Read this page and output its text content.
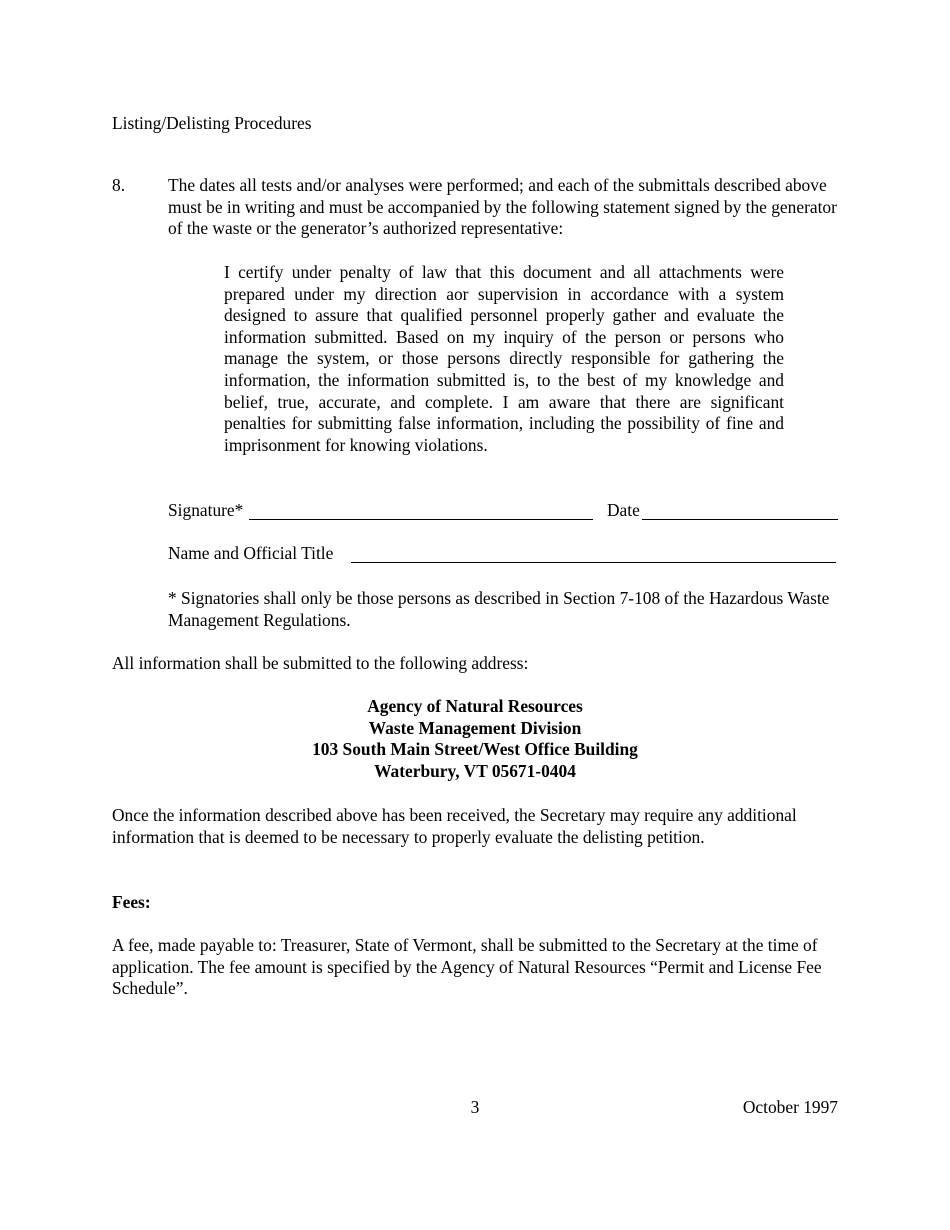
Listing/Delisting Procedures
8. The dates all tests and/or analyses were performed; and each of the submittals described above must be in writing and must be accompanied by the following statement signed by the generator of the waste or the generator’s authorized representative:
I certify under penalty of law that this document and all attachments were prepared under my direction aor supervision in accordance with a system designed to assure that qualified personnel properly gather and evaluate the information submitted. Based on my inquiry of the person or persons who manage the system, or those persons directly responsible for gathering the information, the information submitted is, to the best of my knowledge and belief, true, accurate, and complete. I am aware that there are significant penalties for submitting false information, including the possibility of fine and imprisonment for knowing violations.
Signature*	Date
Name and Official Title
* Signatories shall only be those persons as described in Section 7-108 of the Hazardous Waste Management Regulations.
All information shall be submitted to the following address:
Agency of Natural Resources
Waste Management Division
103 South Main Street/West Office Building
Waterbury, VT 05671-0404
Once the information described above has been received, the Secretary may require any additional information that is deemed to be necessary to properly evaluate the delisting petition.
Fees:
A fee, made payable to: Treasurer, State of Vermont, shall be submitted to the Secretary at the time of application. The fee amount is specified by the Agency of Natural Resources “Permit and License Fee Schedule”.
3	October 1997
